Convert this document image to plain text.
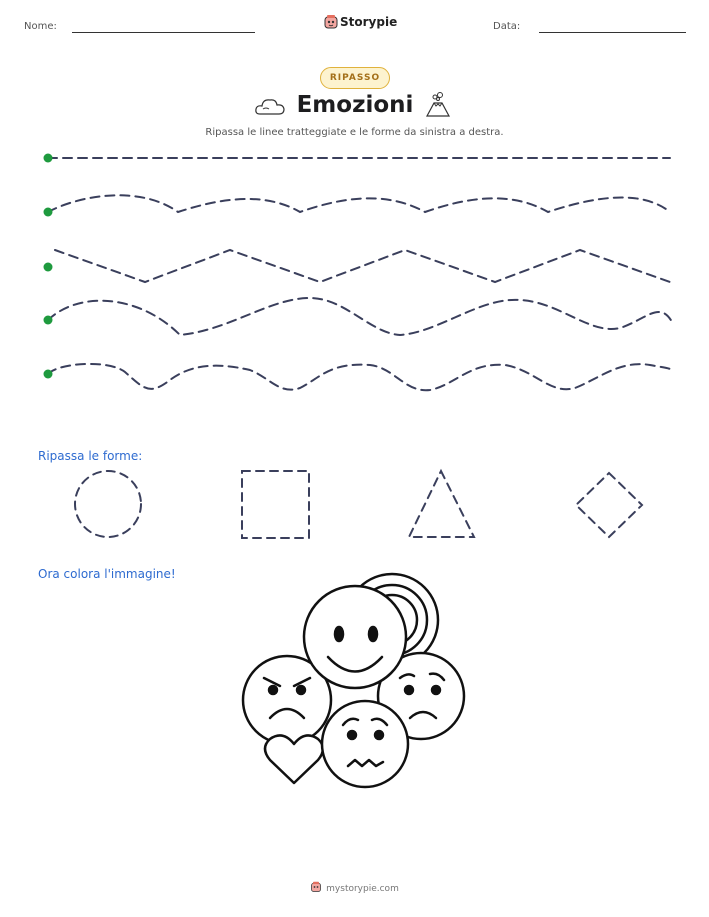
Nome:	Storypie	Data:
RIPASSO
Emozioni
Ripassa le linee tratteggiate e le forme da sinistra a destra.
Ripassa le forme:
Ora colora l'immagine!
mystorypie.com
